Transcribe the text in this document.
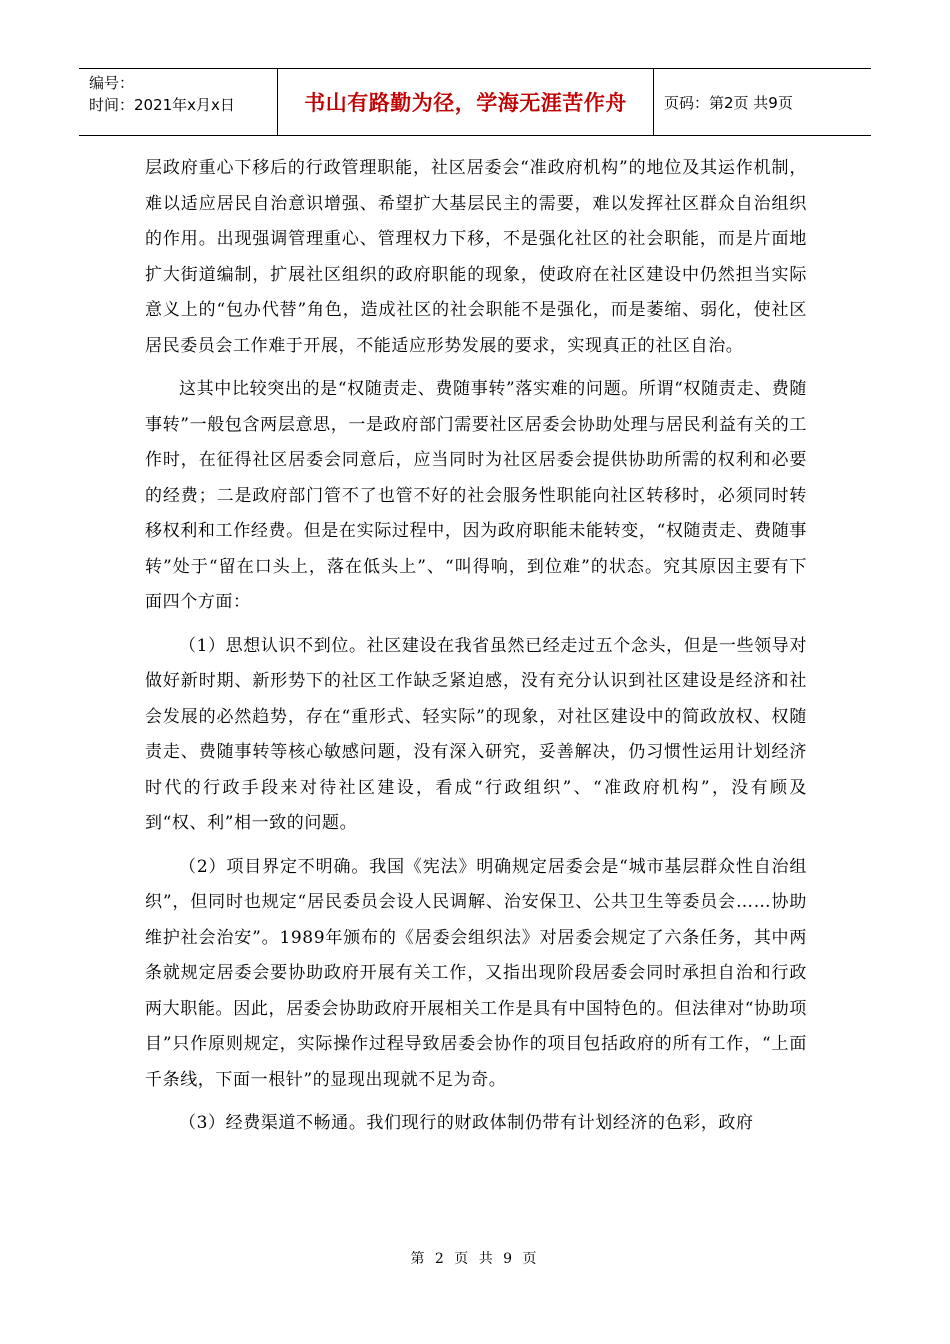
编号：
时间：2021年x月x日	书山有路勤为径，学海无涯苦作舟	页码：第2页 共9页

层政府重心下移后的行政管理职能，社区居委会“准政府机构”的地位及其运作机制，难以适应居民自治意识增强、希望扩大基层民主的需要，难以发挥社区群众自治组织的作用。出现强调管理重心、管理权力下移，不是强化社区的社会职能，而是片面地扩大街道编制，扩展社区组织的政府职能的现象，使政府在社区建设中仍然担当实际意义上的“包办代替”角色，造成社区的社会职能不是强化，而是萎缩、弱化，使社区居民委员会工作难于开展，不能适应形势发展的要求，实现真正的社区自治。

这其中比较突出的是“权随责走、费随事转”落实难的问题。所谓“权随责走、费随事转”一般包含两层意思，一是政府部门需要社区居委会协助处理与居民利益有关的工作时，在征得社区居委会同意后，应当同时为社区居委会提供协助所需的权利和必要的经费；二是政府部门管不了也管不好的社会服务性职能向社区转移时，必须同时转移权利和工作经费。但是在实际过程中，因为政府职能未能转变，“权随责走、费随事转”处于“留在口头上，落在低头上”、“叫得响，到位难”的状态。究其原因主要有下面四个方面：

（1）思想认识不到位。社区建设在我省虽然已经走过五个念头，但是一些领导对做好新时期、新形势下的社区工作缺乏紧迫感，没有充分认识到社区建设是经济和社会发展的必然趋势，存在“重形式、轻实际”的现象，对社区建设中的简政放权、权随责走、费随事转等核心敏感问题，没有深入研究，妥善解决，仍习惯性运用计划经济时代的行政手段来对待社区建设，看成“行政组织”、“准政府机构”，没有顾及到“权、利”相一致的问题。

（2）项目界定不明确。我国《宪法》明确规定居委会是“城市基层群众性自治组织”，但同时也规定“居民委员会设人民调解、治安保卫、公共卫生等委员会……协助维护社会治安”。1989年颁布的《居委会组织法》对居委会规定了六条任务，其中两条就规定居委会要协助政府开展有关工作，又指出现阶段居委会同时承担自治和行政两大职能。因此，居委会协助政府开展相关工作是具有中国特色的。但法律对“协助项目”只作原则规定，实际操作过程导致居委会协作的项目包括政府的所有工作，“上面千条线，下面一根针”的显现出现就不足为奇。

（3）经费渠道不畅通。我们现行的财政体制仍带有计划经济的色彩，政府

第 2 页 共 9 页
